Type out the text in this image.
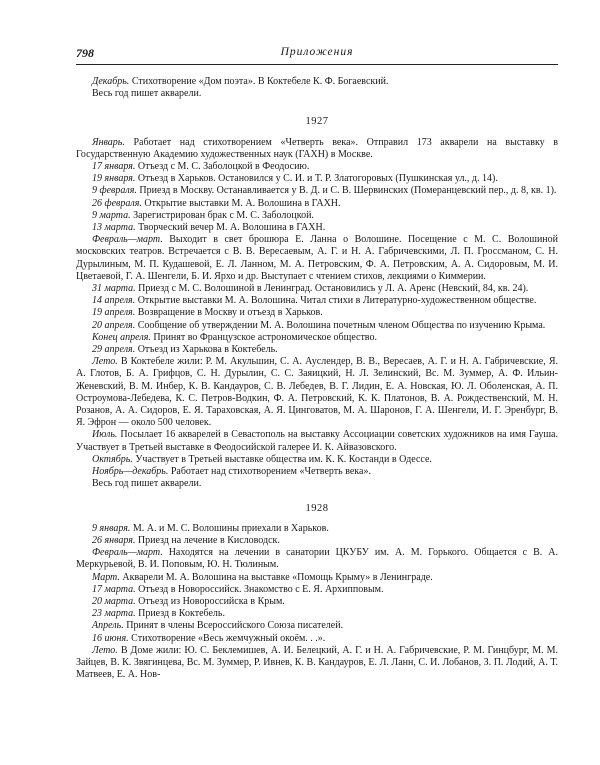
798	Приложения

Декабрь. Стихотворение «Дом поэта». В Коктебеле К. Ф. Богаевский.

Весь год пишет акварели.

1927

Январь. Работает над стихотворением «Четверть века». Отправил 173 акварели на выставку в Государственную Академию художественных наук (ГАХН) в Москве.

17 января. Отъезд с М. С. Заболоцкой в Феодосию.

19 января. Отъезд в Харьков. Остановился у С. И. и Т. Р. Златогоровых (Пушкинская ул., д. 14).

9 февраля. Приезд в Москву. Останавливается у В. Д. и С. В. Шервинских (Померанцевский пер., д. 8, кв. 1).

26 февраля. Открытие выставки М. А. Волошина в ГАХН.

9 марта. Зарегистрирован брак с М. С. Заболоцкой.

13 марта. Творческий вечер М. А. Волошина в ГАХН.

Февраль—март. Выходит в свет брошюра Е. Ланна о Волошине. Посещение с М. С. Волошиной московских театров. Встречается с В. В. Вересаевым, А. Г. и Н. А. Габричевскими, Л. П. Гроссманом, С. Н. Дурылиным, М. П. Кудашевой, Е. Л. Ланном, М. А. Петровским, Ф. А. Петровским, А. А. Сидоровым, М. И. Цветаевой, Г. А. Шенгели, Б. И. Ярхо и др. Выступает с чтением стихов, лекциями о Киммерии.

31 марта. Приезд с М. С. Волошиной в Ленинград. Остановились у Л. А. Аренс (Невский, 84, кв. 24).

14 апреля. Открытие выставки М. А. Волошина. Читал стихи в Литературно-художественном обществе.

19 апреля. Возвращение в Москву и отъезд в Харьков.

20 апреля. Сообщение об утверждении М. А. Волошина почетным членом Общества по изучению Крыма.

Конец апреля. Принят во Французское астрономическое общество.

29 апреля. Отъезд из Харькова в Коктебель.

Лето. В Коктебеле жили: Р. М. Акульшин, С. А. Ауслендер, В. В., Вересаев, А. Г. и Н. А. Габричевские, Я. А. Глотов, Б. А. Грифцов, С. Н. Дурылин, С. С. Заяицкий, Н. Л. Зелинский, Вс. М. Зуммер, А. Ф. Ильин-Женевский, В. М. Инбер, К. В. Кандауров, С. В. Лебедев, В. Г. Лидин, Е. А. Новская, Ю. Л. Оболенская, А. П. Остроумова-Лебедева, К. С. Петров-Водкин, Ф. А. Петровский, К. К. Платонов, В. А. Рождественский, М. Н. Розанов, А. А. Сидоров, Е. Я. Тараховская, А. Я. Цинговатов, М. А. Шаронов, Г. А. Шенгели, И. Г. Эренбург, В. Я. Эфрон — около 500 человек.

Июль. Посылает 16 акварелей в Севастополь на выставку Ассоциации советских художников на имя Гауша. Участвует в Третьей выставке в Феодосийской галерее И. К. Айвазовского.

Октябрь. Участвует в Третьей выставке общества им. К. К. Костанди в Одессе.

Ноябрь—декабрь. Работает над стихотворением «Четверть века».

Весь год пишет акварели.

1928

9 января. М. А. и М. С. Волошины приехали в Харьков.

26 января. Приезд на лечение в Кисловодск.

Февраль—март. Находятся на лечении в санатории ЦКУБУ им. А. М. Горького. Общается с В. А. Меркурьевой, В. И. Поповым, Ю. Н. Тюлиным.

Март. Акварели М. А. Волошина на выставке «Помощь Крыму» в Ленинграде.

17 марта. Отъезд в Новороссийск. Знакомство с Е. Я. Архипповым.

20 марта. Отъезд из Новороссийска в Крым.

23 марта. Приезд в Коктебель.

Апрель. Принят в члены Всероссийского Союза писателей.

16 июня. Стихотворение «Весь жемчужный окоём. . .».

Лето. В Доме жили: Ю. С. Беклемишев, А. И. Белецкий, А. Г. и Н. А. Габричевские, Р. М. Гинцбург, М. М. Зайцев, В. К. Звягинцева, Вс. М. Зуммер, Р. Ивнев, К. В. Кандауров, Е. Л. Ланн, С. И. Лобанов, З. П. Лодий, А. Т. Матвеев, Е. А. Нов-
